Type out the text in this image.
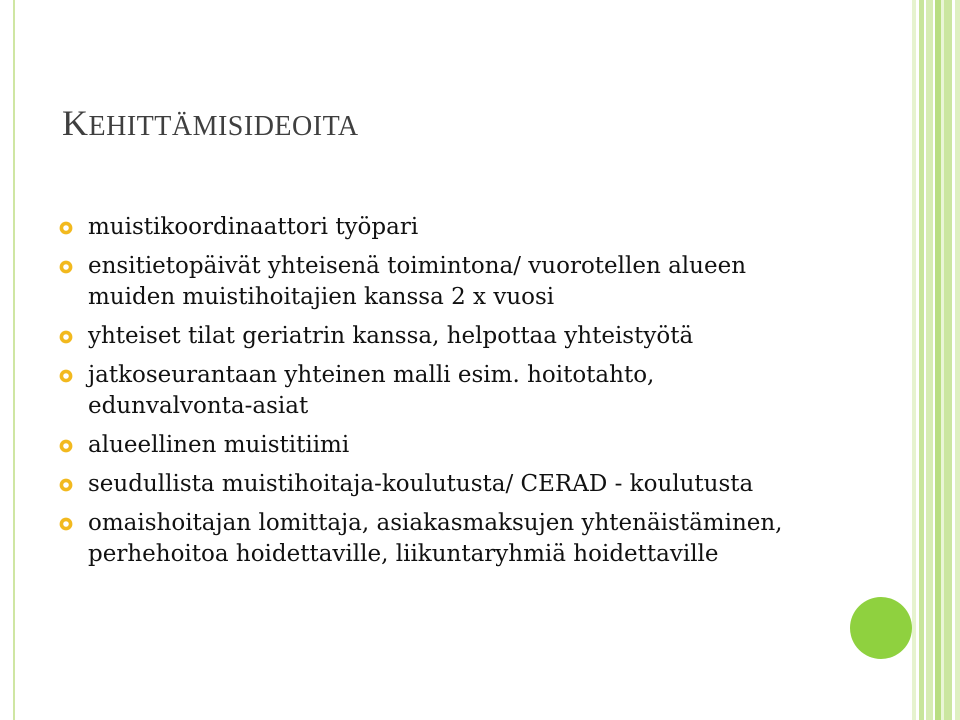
KEHITTÄMISIDEOITA
muistikoordinaattori työpari
ensitietopäivät yhteisenä toimintona/ vuorotellen alueen muiden muistihoitajien kanssa 2 x vuosi
yhteiset tilat geriatrin kanssa, helpottaa yhteistyötä
jatkoseurantaan yhteinen malli esim. hoitotahto, edunvalvonta-asiat
alueellinen muistitiimi
seudullista muistihoitaja-koulutusta/ CERAD - koulutusta
omaishoitajan lomittaja, asiakasmaksujen yhtenäistäminen, perhehoitoa hoidettaville, liikuntaryhmiä hoidettaville
